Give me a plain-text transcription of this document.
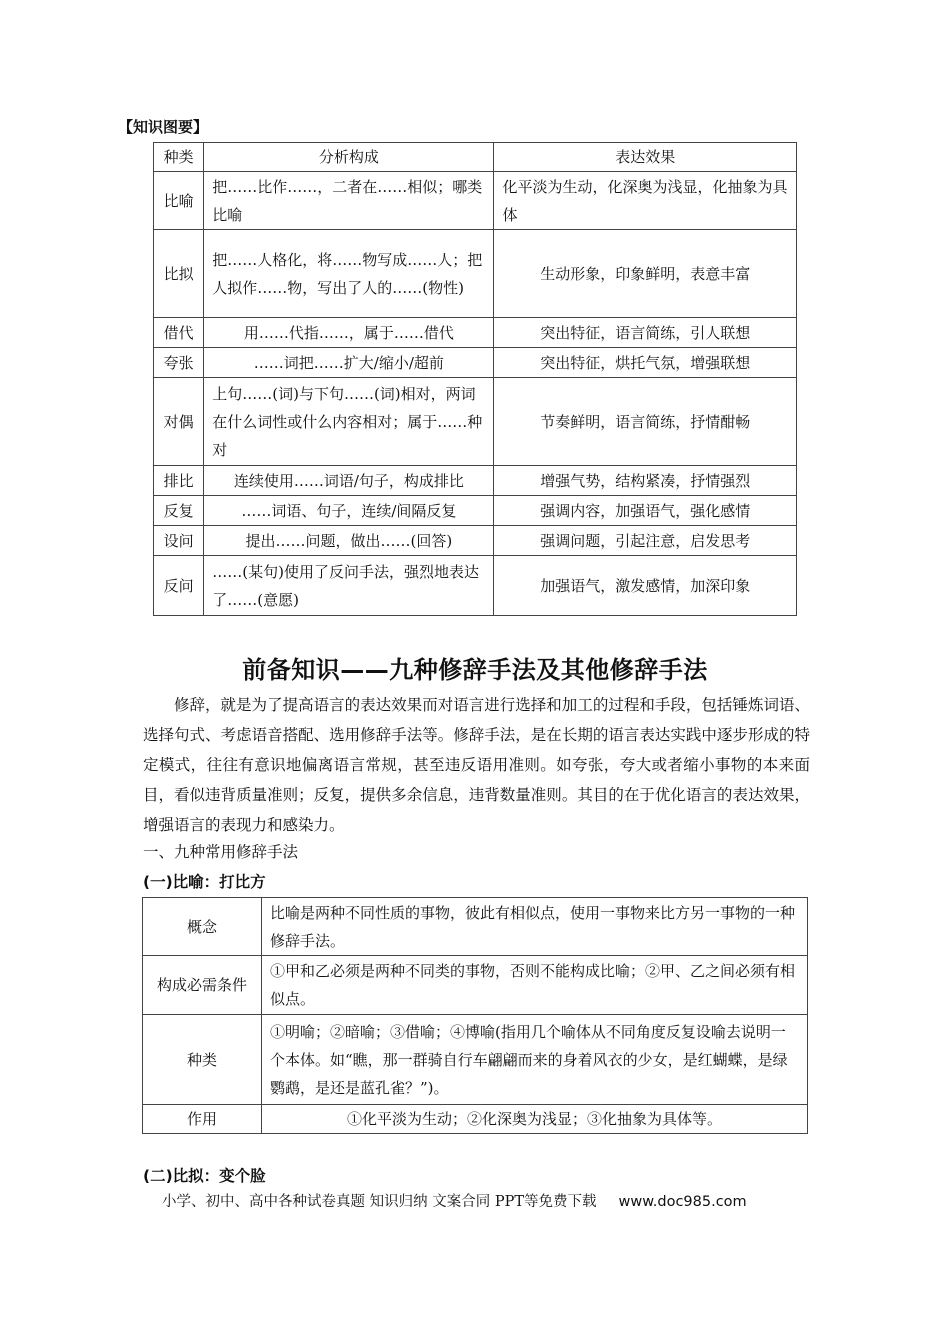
【知识图要】
种类	分析构成	表达效果
比喻	把……比作……，二者在……相似；哪类比喻	化平淡为生动，化深奥为浅显，化抽象为具体
比拟	把……人格化，将……物写成……人；把人拟作……物，写出了人的……(物性)	生动形象，印象鲜明，表意丰富
借代	用……代指……，属于……借代	突出特征，语言简练，引人联想
夸张	……词把……扩大/缩小/超前	突出特征，烘托气氛，增强联想
对偶	上句……(词)与下句……(词)相对，两词在什么词性或什么内容相对；属于……种对	节奏鲜明，语言简练，抒情酣畅
排比	连续使用……词语/句子，构成排比	增强气势，结构紧凑，抒情强烈
反复	……词语、句子，连续/间隔反复	强调内容，加强语气，强化感情
设问	提出……问题，做出……(回答)	强调问题，引起注意，启发思考
反问	……(某句)使用了反问手法，强烈地表达了……(意愿)	加强语气，激发感情，加深印象
前备知识——九种修辞手法及其他修辞手法
修辞，就是为了提高语言的表达效果而对语言进行选择和加工的过程和手段，包括锤炼词语、选择句式、考虑语音搭配、选用修辞手法等。修辞手法，是在长期的语言表达实践中逐步形成的特定模式，往往有意识地偏离语言常规，甚至违反语用准则。如夸张，夸大或者缩小事物的本来面目，看似违背质量准则；反复，提供多余信息，违背数量准则。其目的在于优化语言的表达效果，增强语言的表现力和感染力。
一、九种常用修辞手法
(一)比喻：打比方
概念	比喻是两种不同性质的事物，彼此有相似点，使用一事物来比方另一事物的一种修辞手法。
构成必需条件	①甲和乙必须是两种不同类的事物，否则不能构成比喻；②甲、乙之间必须有相似点。
种类	①明喻；②暗喻；③借喻；④博喻(指用几个喻体从不同角度反复设喻去说明一个本体。如“瞧，那一群骑自行车翩翩而来的身着风衣的少女，是红蝴蝶，是绿鹦鹉，是还是蓝孔雀？”)。
作用	①化平淡为生动；②化深奥为浅显；③化抽象为具体等。
(二)比拟：变个脸
小学、初中、高中各种试卷真题 知识归纳 文案合同 PPT等免费下载 www.doc985.com
